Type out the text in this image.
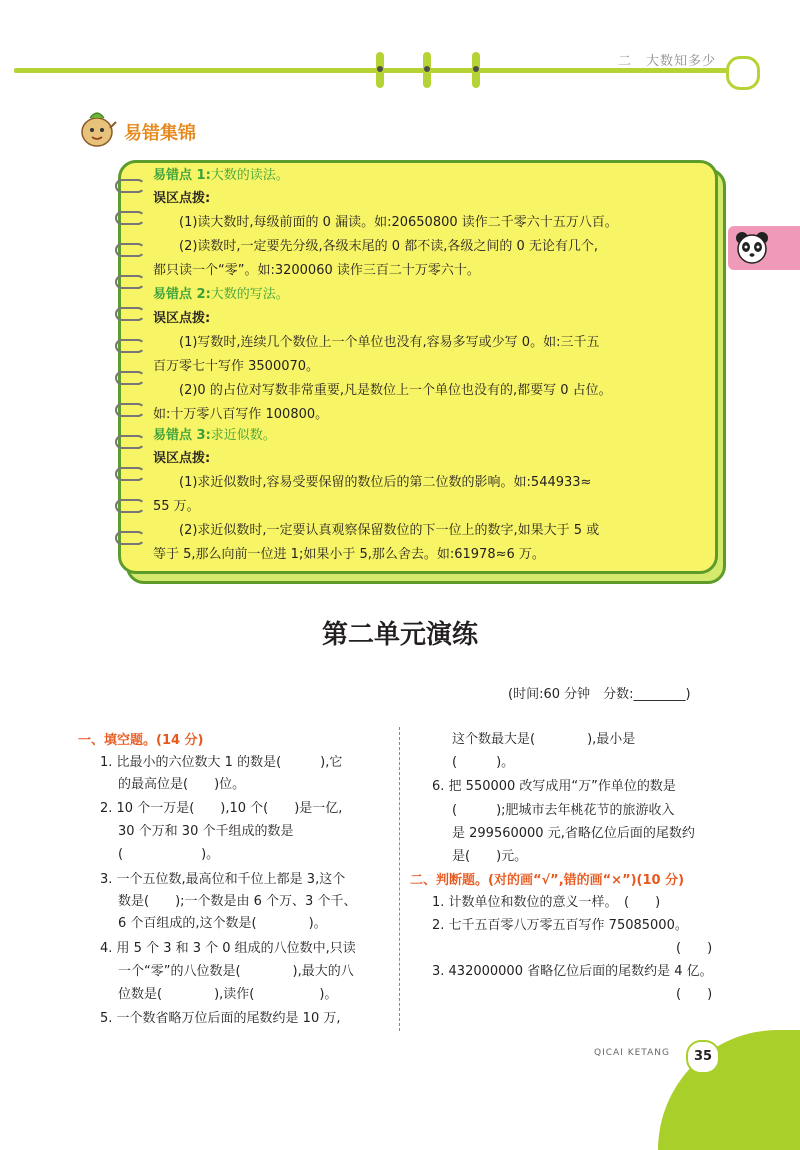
二　大数知多少
易错集锦
易错点 1:大数的读法。
误区点拨:
(1)读大数时,每级前面的 0 漏读。如:20650800 读作二千零六十五万八百。
(2)读数时,一定要先分级,各级末尾的 0 都不读,各级之间的 0 无论有几个,
都只读一个“零”。如:3200060 读作三百二十万零六十。
易错点 2:大数的写法。
误区点拨:
(1)写数时,连续几个数位上一个单位也没有,容易多写或少写 0。如:三千五
百万零七十写作 3500070。
(2)0 的占位对写数非常重要,凡是数位上一个单位也没有的,都要写 0 占位。
如:十万零八百写作 100800。
易错点 3:求近似数。
误区点拨:
(1)求近似数时,容易受要保留的数位后的第二位数的影响。如:544933≈
55 万。
(2)求近似数时,一定要认真观察保留数位的下一位上的数字,如果大于 5 或
等于 5,那么向前一位进 1;如果小于 5,那么舍去。如:61978≈6 万。
第二单元演练
(时间:60 分钟　分数:________)
一、填空题。(14 分)
1. 比最小的六位数大 1 的数是(　　　),它
的最高位是(　　)位。
2. 10 个一万是(　　),10 个(　　)是一亿,
30 个万和 30 个千组成的数是
(　　　　　　)。
3. 一个五位数,最高位和千位上都是 3,这个
数是(　　);一个数是由 6 个万、3 个千、
6 个百组成的,这个数是(　　　　)。
4. 用 5 个 3 和 3 个 0 组成的八位数中,只读
一个“零”的八位数是(　　　　),最大的八
位数是(　　　　),读作(　　　　　)。
5. 一个数省略万位后面的尾数约是 10 万,
这个数最大是(　　　　),最小是
(　　　)。
6. 把 550000 改写成用“万”作单位的数是
(　　　);肥城市去年桃花节的旅游收入
是 299560000 元,省略亿位后面的尾数约
是(　　)元。
二、判断题。(对的画“√”,错的画“×”)(10 分)
1. 计数单位和数位的意义一样。　(　　)
2. 七千五百零八万零五百写作 75085000。
(　　)
3. 432000000 省略亿位后面的尾数约是 4 亿。
(　　)
QICAI KETANG	35
